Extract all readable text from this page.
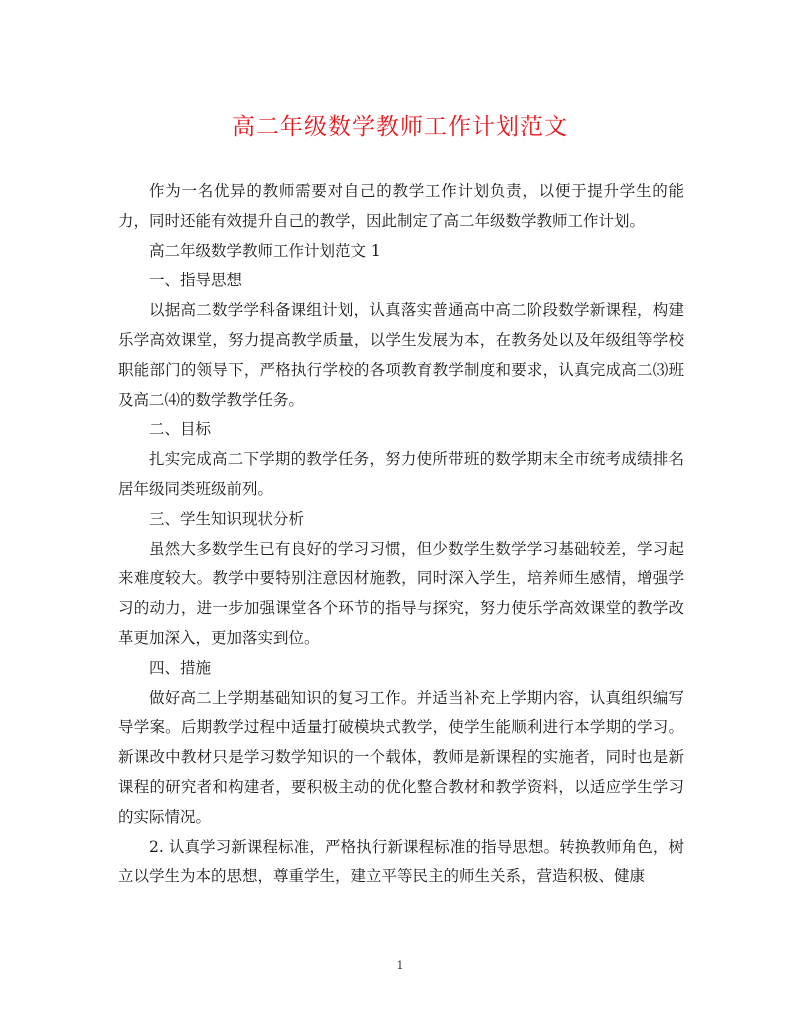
高二年级数学教师工作计划范文

作为一名优异的教师需要对自己的教学工作计划负责，以便于提升学生的能力，同时还能有效提升自己的教学，因此制定了高二年级数学教师工作计划。

高二年级数学教师工作计划范文 1

一、指导思想

以据高二数学学科备课组计划，认真落实普通高中高二阶段数学新课程，构建乐学高效课堂，努力提高教学质量，以学生发展为本，在教务处以及年级组等学校职能部门的领导下，严格执行学校的各项教育教学制度和要求，认真完成高二⑶班及高二⑷的数学教学任务。

二、目标

扎实完成高二下学期的教学任务，努力使所带班的数学期末全市统考成绩排名居年级同类班级前列。

三、学生知识现状分析

虽然大多数学生已有良好的学习习惯，但少数学生数学学习基础较差，学习起来难度较大。教学中要特别注意因材施教，同时深入学生，培养师生感情，增强学习的动力，进一步加强课堂各个环节的指导与探究，努力使乐学高效课堂的教学改革更加深入，更加落实到位。

四、措施

做好高二上学期基础知识的复习工作。并适当补充上学期内容，认真组织编写导学案。后期教学过程中适量打破模块式教学，使学生能顺利进行本学期的学习。新课改中教材只是学习数学知识的一个载体，教师是新课程的实施者，同时也是新课程的研究者和构建者，要积极主动的优化整合教材和教学资料，以适应学生学习的实际情况。

2. 认真学习新课程标准，严格执行新课程标准的指导思想。转换教师角色，树立以学生为本的思想，尊重学生，建立平等民主的师生关系，营造积极、健康

1
